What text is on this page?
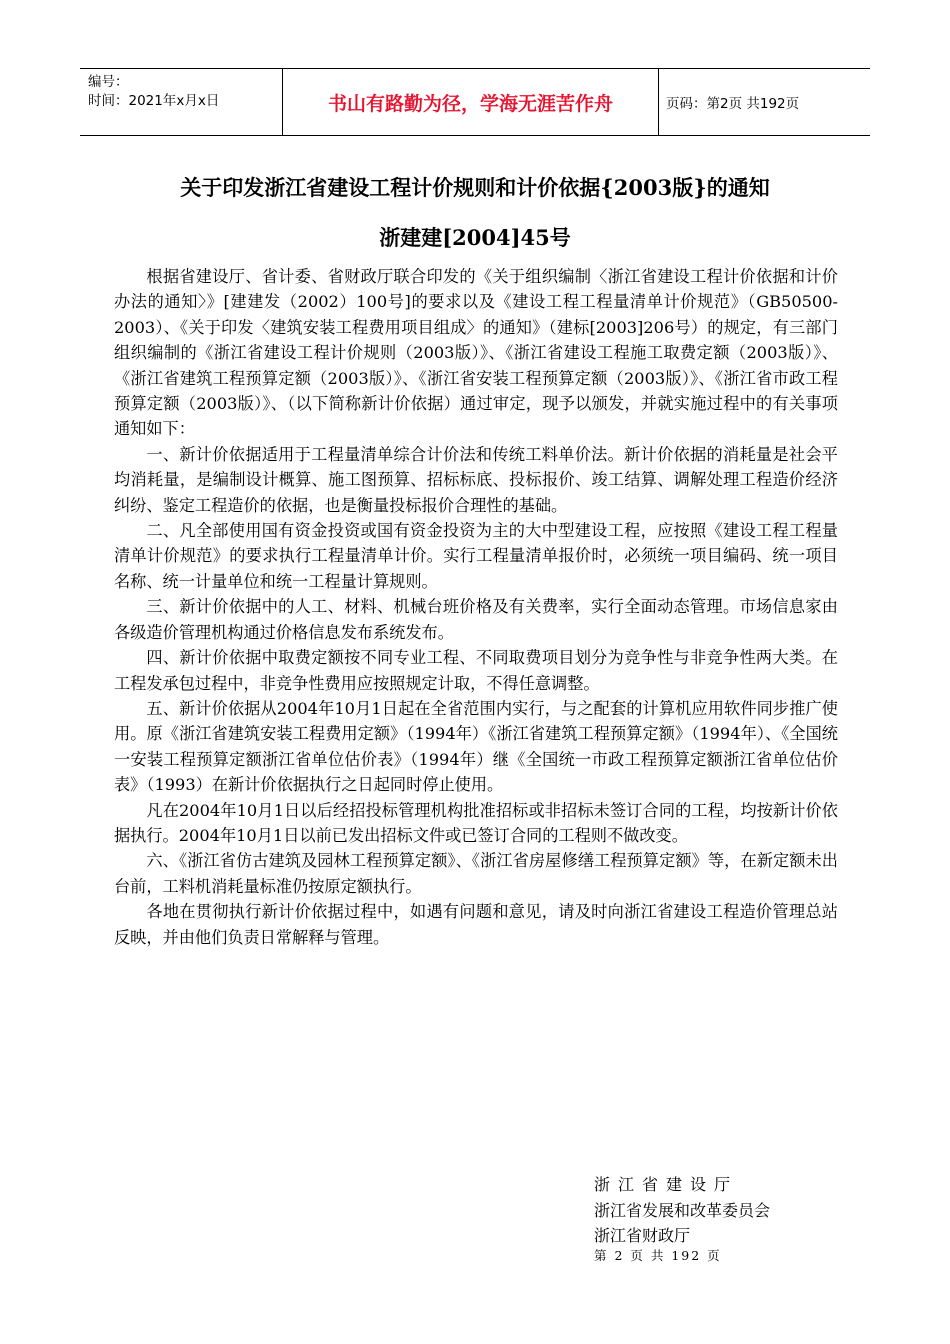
编号：
时间：2021年x月x日	书山有路勤为径，学海无涯苦作舟	页码：第2页 共192页
关于印发浙江省建设工程计价规则和计价依据{2003版}的通知
浙建建[2004]45号

根据省建设厅、省计委、省财政厅联合印发的《关于组织编制〈浙江省建设工程计价依据和计价办法的通知〉》[建建发（2002）100号]的要求以及《建设工程工程量清单计价规范》（GB50500-2003）、《关于印发〈建筑安装工程费用项目组成〉的通知》（建标[2003]206号）的规定，有三部门组织编制的《浙江省建设工程计价规则（2003版）》、《浙江省建设工程施工取费定额（2003版）》、《浙江省建筑工程预算定额（2003版）》、《浙江省安装工程预算定额（2003版）》、《浙江省市政工程预算定额（2003版）》、（以下简称新计价依据）通过审定，现予以颁发，并就实施过程中的有关事项通知如下：

一、新计价依据适用于工程量清单综合计价法和传统工料单价法。新计价依据的消耗量是社会平均消耗量，是编制设计概算、施工图预算、招标标底、投标报价、竣工结算、调解处理工程造价经济纠纷、鉴定工程造价的依据，也是衡量投标报价合理性的基础。

二、凡全部使用国有资金投资或国有资金投资为主的大中型建设工程，应按照《建设工程工程量清单计价规范》的要求执行工程量清单计价。实行工程量清单报价时，必须统一项目编码、统一项目名称、统一计量单位和统一工程量计算规则。

三、新计价依据中的人工、材料、机械台班价格及有关费率，实行全面动态管理。市场信息家由各级造价管理机构通过价格信息发布系统发布。

四、新计价依据中取费定额按不同专业工程、不同取费项目划分为竞争性与非竞争性两大类。在工程发承包过程中，非竞争性费用应按照规定计取，不得任意调整。

五、新计价依据从2004年10月1日起在全省范围内实行，与之配套的计算机应用软件同步推广使用。原《浙江省建筑安装工程费用定额》（1994年）《浙江省建筑工程预算定额》（1994年）、《全国统一安装工程预算定额浙江省单位估价表》（1994年）继《全国统一市政工程预算定额浙江省单位估价表》（1993）在新计价依据执行之日起同时停止使用。

凡在2004年10月1日以后经招投标管理机构批准招标或非招标未签订合同的工程，均按新计价依据执行。2004年10月1日以前已发出招标文件或已签订合同的工程则不做改变。

六、《浙江省仿古建筑及园林工程预算定额》、《浙江省房屋修缮工程预算定额》等，在新定额未出台前，工料机消耗量标准仍按原定额执行。

各地在贯彻执行新计价依据过程中，如遇有问题和意见，请及时向浙江省建设工程造价管理总站反映，并由他们负责日常解释与管理。

浙江省建设厅
浙江省发展和改革委员会
浙江省财政厅
第 2 页 共 192 页
